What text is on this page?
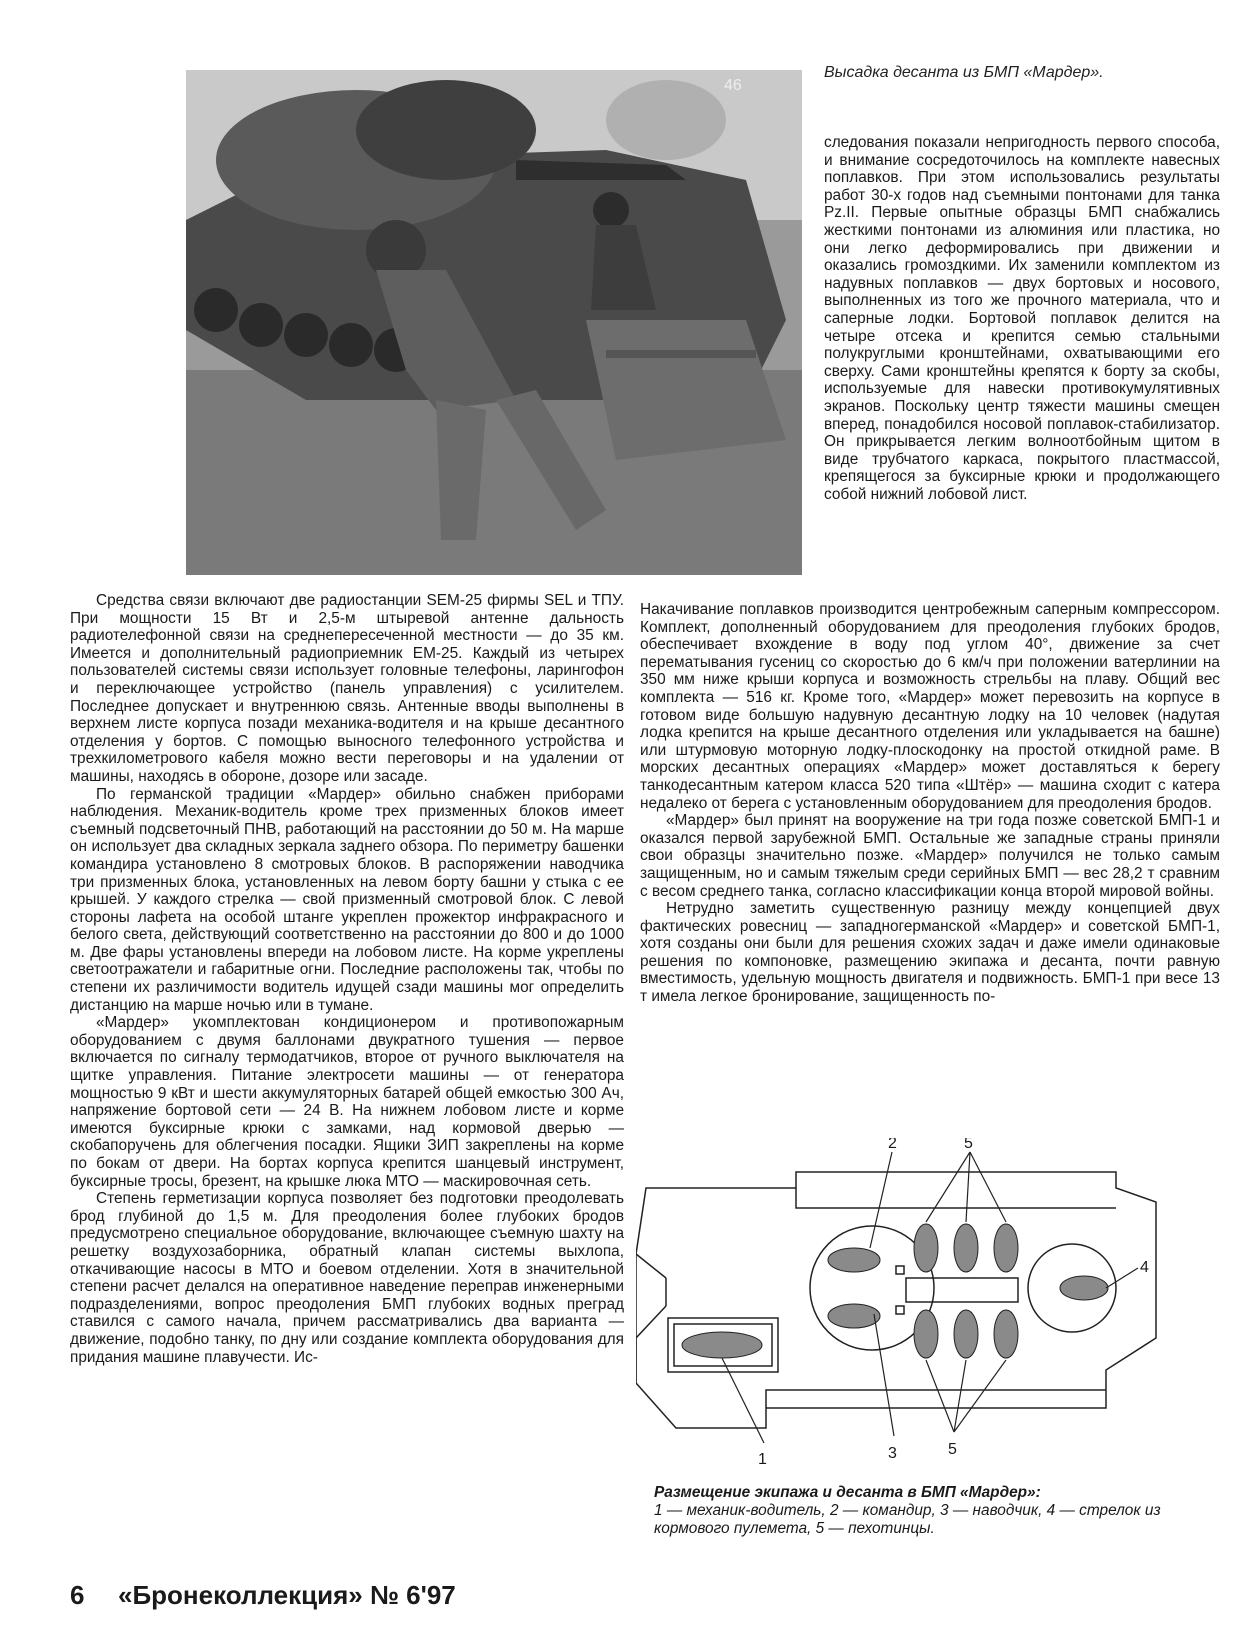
46
Высадка десанта из БМП «Мардер».

следования показали непригодность первого способа, и внимание сосредоточилось на комплекте навесных поплавков. При этом использовались результаты работ 30-х годов над съемными понтонами для танка Pz.II. Первые опытные образцы БМП снабжались жесткими понтонами из алюминия или пластика, но они легко деформировались при движении и оказались громоздкими. Их заменили комплектом из надувных поплавков — двух бортовых и носового, выполненных из того же прочного материала, что и саперные лодки. Бортовой поплавок делится на четыре отсека и крепится семью стальными полукруглыми кронштейнами, охватывающими его сверху. Сами кронштейны крепятся к борту за скобы, используемые для навески противокумулятивных экранов. Поскольку центр тяжести машины смещен вперед, понадобился носовой поплавок-стабилизатор. Он прикрывается легким волноотбойным щитом в виде трубчатого каркаса, покрытого пластмассой, крепящегося за буксирные крюки и продолжающего собой нижний лобовой лист.

Накачивание поплавков производится центробежным саперным компрессором. Комплект, дополненный оборудованием для преодоления глубоких бродов, обеспечивает вхождение в воду под углом 40°, движение за счет перематывания гусениц со скоростью до 6 км/ч при положении ватерлинии на 350 мм ниже крыши корпуса и возможность стрельбы на плаву. Общий вес комплекта — 516 кг. Кроме того, «Мардер» может перевозить на корпусе в готовом виде большую надувную десантную лодку на 10 человек (надутая лодка крепится на крыше десантного отделения или укладывается на башне) или штурмовую моторную лодку-плоскодонку на простой откидной раме. В морских десантных операциях «Мардер» может доставляться к берегу танкодесантным катером класса 520 типа «Штёр» — машина сходит с катера недалеко от берега с установленным оборудованием для преодоления бродов.

«Мардер» был принят на вооружение на три года позже советской БМП-1 и оказался первой зарубежной БМП. Остальные же западные страны приняли свои образцы значительно позже. «Мардер» получился не только самым защищенным, но и самым тяжелым среди серийных БМП — вес 28,2 т сравним с весом среднего танка, согласно классификации конца второй мировой войны.

Нетрудно заметить существенную разницу между концепцией двух фактических ровесниц — западногерманской «Мардер» и советской БМП-1, хотя созданы они были для решения схожих задач и даже имели одинаковые решения по компоновке, размещению экипажа и десанта, почти равную вместимость, удельную мощность двигателя и подвижность. БМП-1 при весе 13 т имела легкое бронирование, защищенность по-

Средства связи включают две радиостанции SEM-25 фирмы SEL и ТПУ. При мощности 15 Вт и 2,5-м штыревой антенне дальность радиотелефонной связи на среднепересеченной местности — до 35 км. Имеется и дополнительный радиоприемник ЕМ-25. Каждый из четырех пользователей системы связи использует головные телефоны, ларингофон и переключающее устройство (панель управления) с усилителем. Последнее допускает и внутреннюю связь. Антенные вводы выполнены в верхнем листе корпуса позади механика-водителя и на крыше десантного отделения у бортов. С помощью выносного телефонного устройства и трехкилометрового кабеля можно вести переговоры и на удалении от машины, находясь в обороне, дозоре или засаде.

По германской традиции «Мардер» обильно снабжен приборами наблюдения. Механик-водитель кроме трех призменных блоков имеет съемный подсветочный ПНВ, работающий на расстоянии до 50 м. На марше он использует два складных зеркала заднего обзора. По периметру башенки командира установлено 8 смотровых блоков. В распоряжении наводчика три призменных блока, установленных на левом борту башни у стыка с ее крышей. У каждого стрелка — свой призменный смотровой блок. С левой стороны лафета на особой штанге укреплен прожектор инфракрасного и белого света, действующий соответственно на расстоянии до 800 и до 1000 м. Две фары установлены впереди на лобовом листе. На корме укреплены светоотражатели и габаритные огни. Последние расположены так, чтобы по степени их различимости водитель идущей сзади машины мог определить дистанцию на марше ночью или в тумане.

«Мардер» укомплектован кондиционером и противопожарным оборудованием с двумя баллонами двукратного тушения — первое включается по сигналу термодатчиков, второе от ручного выключателя на щитке управления. Питание электросети машины — от генератора мощностью 9 кВт и шести аккумуляторных батарей общей емкостью 300 Ач, напряжение бортовой сети — 24 В. На нижнем лобовом листе и корме имеются буксирные крюки с замками, над кормовой дверью — скобапоручень для облегчения посадки. Ящики ЗИП закреплены на корме по бокам от двери. На бортах корпуса крепится шанцевый инструмент, буксирные тросы, брезент, на крышке люка МТО — маскировочная сеть.

Степень герметизации корпуса позволяет без подготовки преодолевать брод глубиной до 1,5 м. Для преодоления более глубоких бродов предусмотрено специальное оборудование, включающее съемную шахту на решетку воздухозаборника, обратный клапан системы выхлопа, откачивающие насосы в МТО и боевом отделении. Хотя в значительной степени расчет делался на оперативное наведение переправ инженерными подразделениями, вопрос преодоления БМП глубоких водных преград ставился с самого начала, причем рассматривались два варианта — движение, подобно танку, по дну или создание комплекта оборудования для придания машине плавучести. Ис-

1
2
3
4
5
5
Размещение экипажа и десанта в БМП «Мардер»:
1 — механик-водитель, 2 — командир, 3 — наводчик, 4 — стрелок из кормового пулемета, 5 — пехотинцы.
6 «Бронеколлекция» № 6'97
